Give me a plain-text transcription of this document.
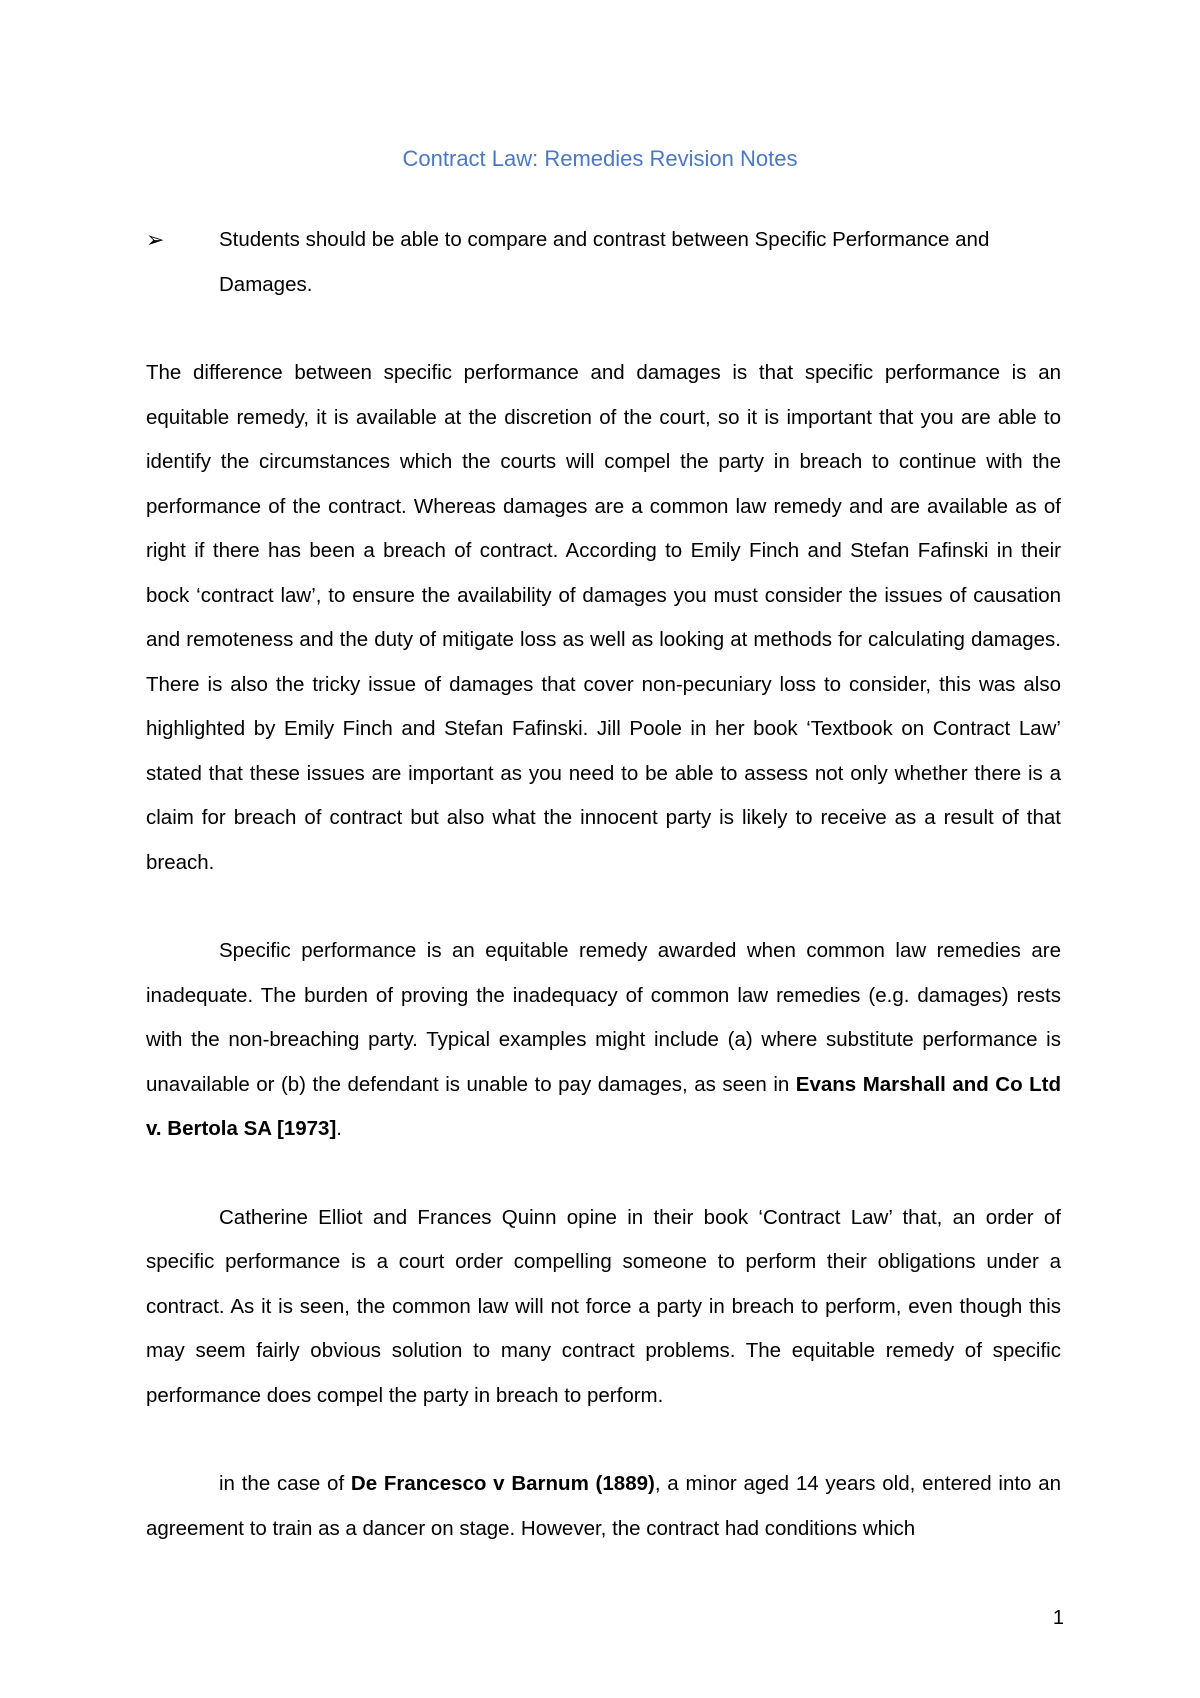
Contract Law: Remedies Revision Notes
➢	Students should be able to compare and contrast between Specific Performance and Damages.

The difference between specific performance and damages is that specific performance is an equitable remedy, it is available at the discretion of the court, so it is important that you are able to identify the circumstances which the courts will compel the party in breach to continue with the performance of the contract. Whereas damages are a common law remedy and are available as of right if there has been a breach of contract. According to Emily Finch and Stefan Fafinski in their bock ‘contract law’, to ensure the availability of damages you must consider the issues of causation and remoteness and the duty of mitigate loss as well as looking at methods for calculating damages. There is also the tricky issue of damages that cover non-pecuniary loss to consider, this was also highlighted by Emily Finch and Stefan Fafinski. Jill Poole in her book ‘Textbook on Contract Law’ stated that these issues are important as you need to be able to assess not only whether there is a claim for breach of contract but also what the innocent party is likely to receive as a result of that breach.

Specific performance is an equitable remedy awarded when common law remedies are inadequate. The burden of proving the inadequacy of common law remedies (e.g. damages) rests with the non-breaching party. Typical examples might include (a) where substitute performance is unavailable or (b) the defendant is unable to pay damages, as seen in Evans Marshall and Co Ltd v. Bertola SA [1973].

Catherine Elliot and Frances Quinn opine in their book ‘Contract Law’ that, an order of specific performance is a court order compelling someone to perform their obligations under a contract. As it is seen, the common law will not force a party in breach to perform, even though this may seem fairly obvious solution to many contract problems. The equitable remedy of specific performance does compel the party in breach to perform.

in the case of De Francesco v Barnum (1889), a minor aged 14 years old, entered into an agreement to train as a dancer on stage. However, the contract had conditions which

1
